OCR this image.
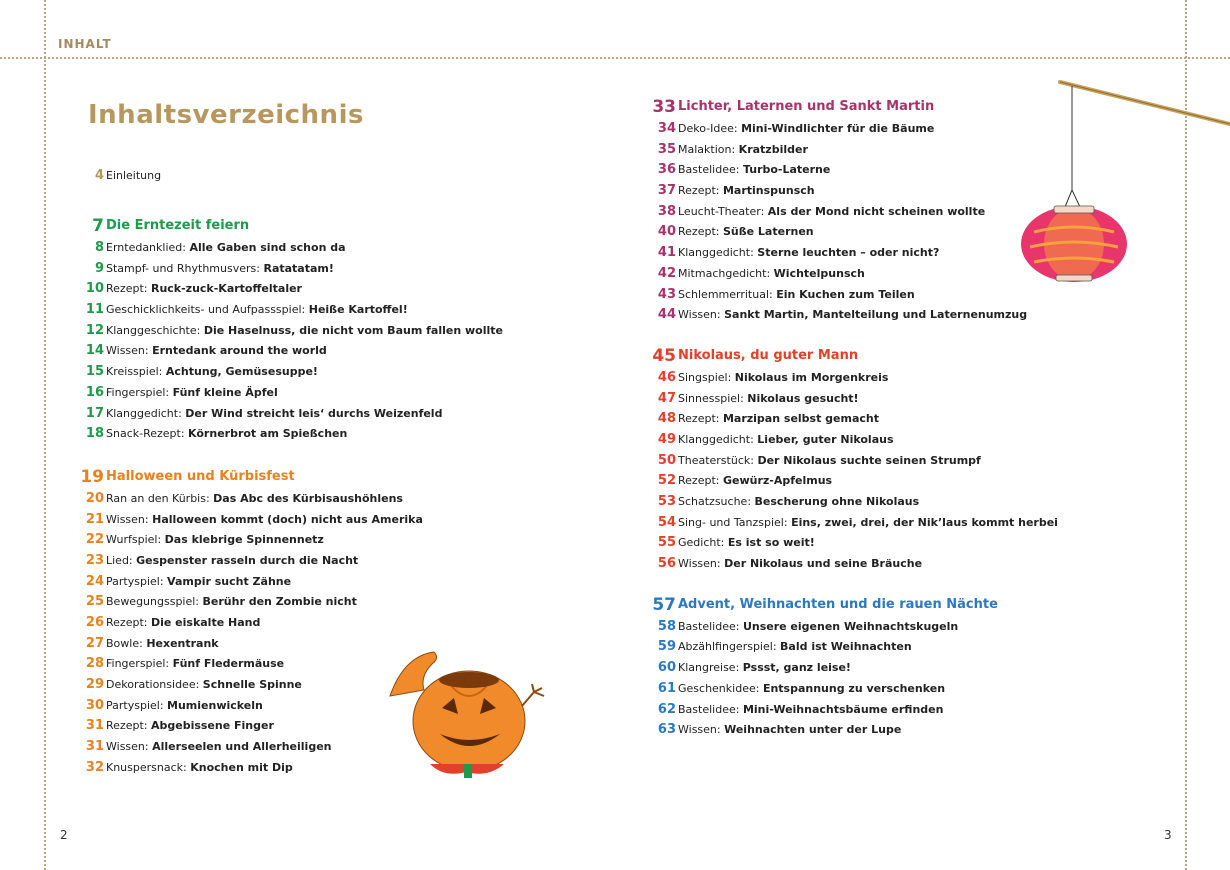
INHALT
Inhaltsverzeichnis
4 Einleitung
7 Die Erntezeit feiern
8 Erntedanklied: Alle Gaben sind schon da
9 Stampf- und Rhythmusvers: Ratatatam!
10 Rezept: Ruck-zuck-Kartoffeltaler
11 Geschicklichkeits- und Aufpassspiel: Heiße Kartoffel!
12 Klanggeschichte: Die Haselnuss, die nicht vom Baum fallen wollte
14 Wissen: Erntedank around the world
15 Kreisspiel: Achtung, Gemüsesuppe!
16 Fingerspiel: Fünf kleine Äpfel
17 Klanggedicht: Der Wind streicht leis‘ durchs Weizenfeld
18 Snack-Rezept: Körnerbrot am Spießchen
19 Halloween und Kürbisfest
20 Ran an den Kürbis: Das Abc des Kürbisaushöhlens
21 Wissen: Halloween kommt (doch) nicht aus Amerika
22 Wurfspiel: Das klebrige Spinnennetz
23 Lied: Gespenster rasseln durch die Nacht
24 Partyspiel: Vampir sucht Zähne
25 Bewegungsspiel: Berühr den Zombie nicht
26 Rezept: Die eiskalte Hand
27 Bowle: Hexentrank
28 Fingerspiel: Fünf Fledermäuse
29 Dekorationsidee: Schnelle Spinne
30 Partyspiel: Mumienwickeln
31 Rezept: Abgebissene Finger
31 Wissen: Allerseelen und Allerheiligen
32 Knuspersnack: Knochen mit Dip
33 Lichter, Laternen und Sankt Martin
34 Deko-Idee: Mini-Windlichter für die Bäume
35 Malaktion: Kratzbilder
36 Bastelidee: Turbo-Laterne
37 Rezept: Martinspunsch
38 Leucht-Theater: Als der Mond nicht scheinen wollte
40 Rezept: Süße Laternen
41 Klanggedicht: Sterne leuchten – oder nicht?
42 Mitmachgedicht: Wichtelpunsch
43 Schlemmerritual: Ein Kuchen zum Teilen
44 Wissen: Sankt Martin, Mantelteilung und Laternenumzug
45 Nikolaus, du guter Mann
46 Singspiel: Nikolaus im Morgenkreis
47 Sinnesspiel: Nikolaus gesucht!
48 Rezept: Marzipan selbst gemacht
49 Klanggedicht: Lieber, guter Nikolaus
50 Theaterstück: Der Nikolaus suchte seinen Strumpf
52 Rezept: Gewürz-Apfelmus
53 Schatzsuche: Bescherung ohne Nikolaus
54 Sing- und Tanzspiel: Eins, zwei, drei, der Nik’laus kommt herbei
55 Gedicht: Es ist so weit!
56 Wissen: Der Nikolaus und seine Bräuche
57 Advent, Weihnachten und die rauen Nächte
58 Bastelidee: Unsere eigenen Weihnachtskugeln
59 Abzählfingerspiel: Bald ist Weihnachten
60 Klangreise: Pssst, ganz leise!
61 Geschenkidee: Entspannung zu verschenken
62 Bastelidee: Mini-Weihnachtsbäume erfinden
63 Wissen: Weihnachten unter der Lupe
2	3
